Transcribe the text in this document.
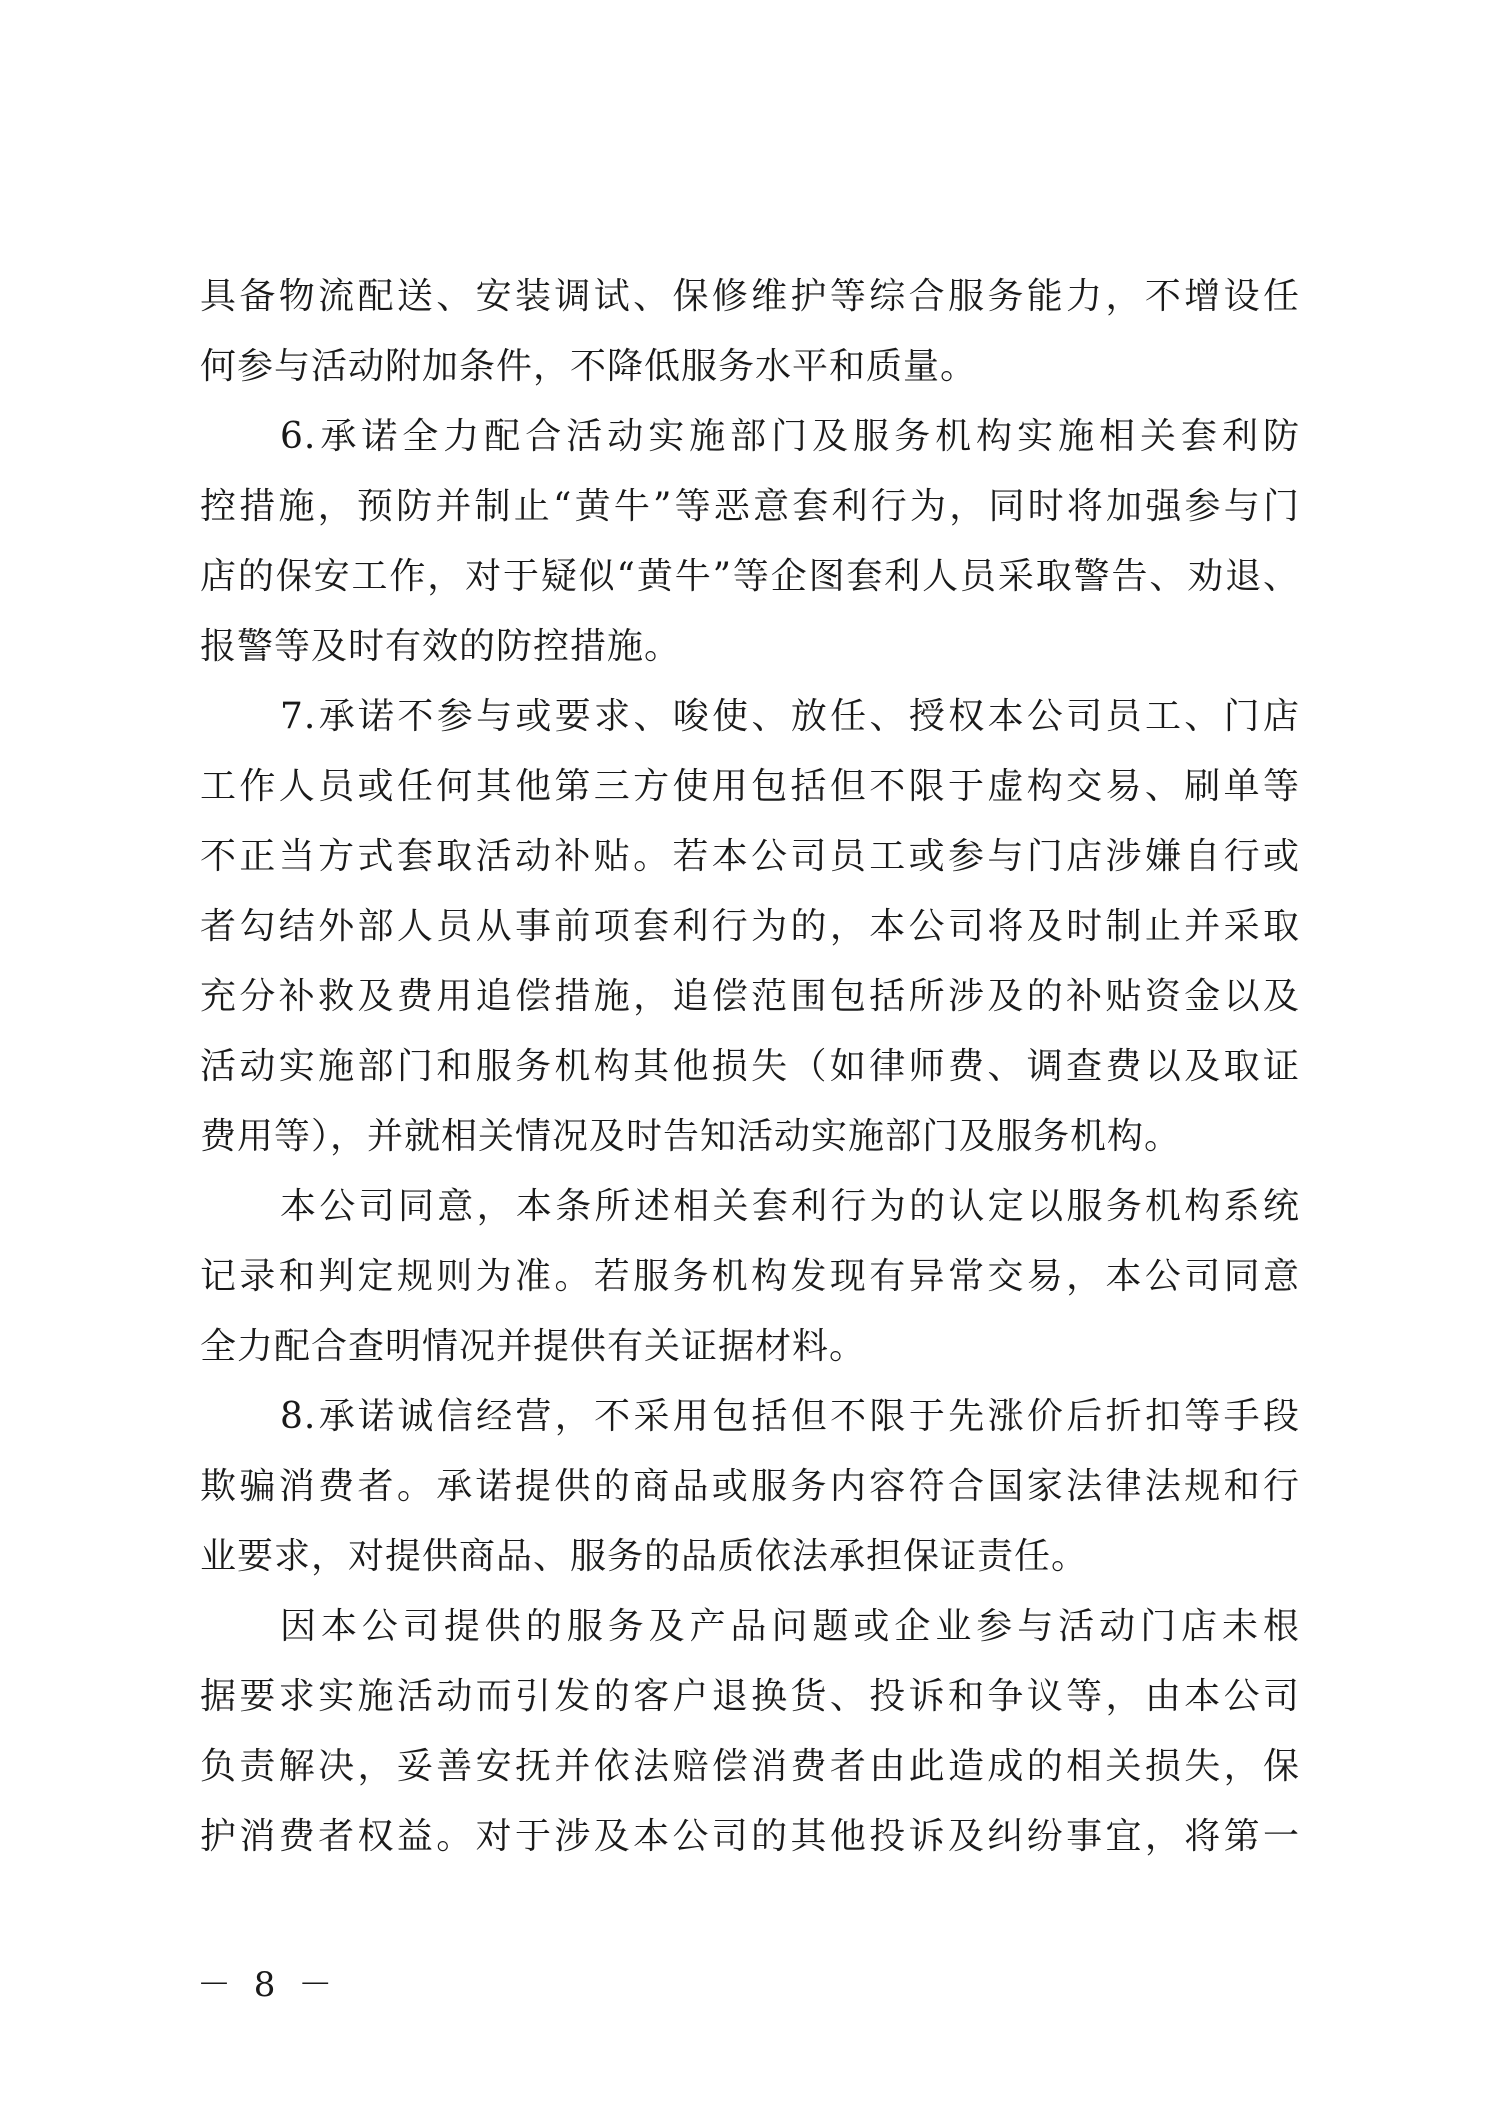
具备物流配送、安装调试、保修维护等综合服务能力，不增设任
何参与活动附加条件，不降低服务水平和质量。
6.承诺全力配合活动实施部门及服务机构实施相关套利防
控措施，预防并制止“黄牛”等恶意套利行为，同时将加强参与门
店的保安工作，对于疑似“黄牛”等企图套利人员采取警告、劝退、
报警等及时有效的防控措施。
7.承诺不参与或要求、唆使、放任、授权本公司员工、门店
工作人员或任何其他第三方使用包括但不限于虚构交易、刷单等
不正当方式套取活动补贴。若本公司员工或参与门店涉嫌自行或
者勾结外部人员从事前项套利行为的，本公司将及时制止并采取
充分补救及费用追偿措施，追偿范围包括所涉及的补贴资金以及
活动实施部门和服务机构其他损失（如律师费、调查费以及取证
费用等），并就相关情况及时告知活动实施部门及服务机构。
本公司同意，本条所述相关套利行为的认定以服务机构系统
记录和判定规则为准。若服务机构发现有异常交易，本公司同意
全力配合查明情况并提供有关证据材料。
8.承诺诚信经营，不采用包括但不限于先涨价后折扣等手段
欺骗消费者。承诺提供的商品或服务内容符合国家法律法规和行
业要求，对提供商品、服务的品质依法承担保证责任。
因本公司提供的服务及产品问题或企业参与活动门店未根
据要求实施活动而引发的客户退换货、投诉和争议等，由本公司
负责解决，妥善安抚并依法赔偿消费者由此造成的相关损失，保
护消费者权益。对于涉及本公司的其他投诉及纠纷事宜，将第一
－ 8 －
